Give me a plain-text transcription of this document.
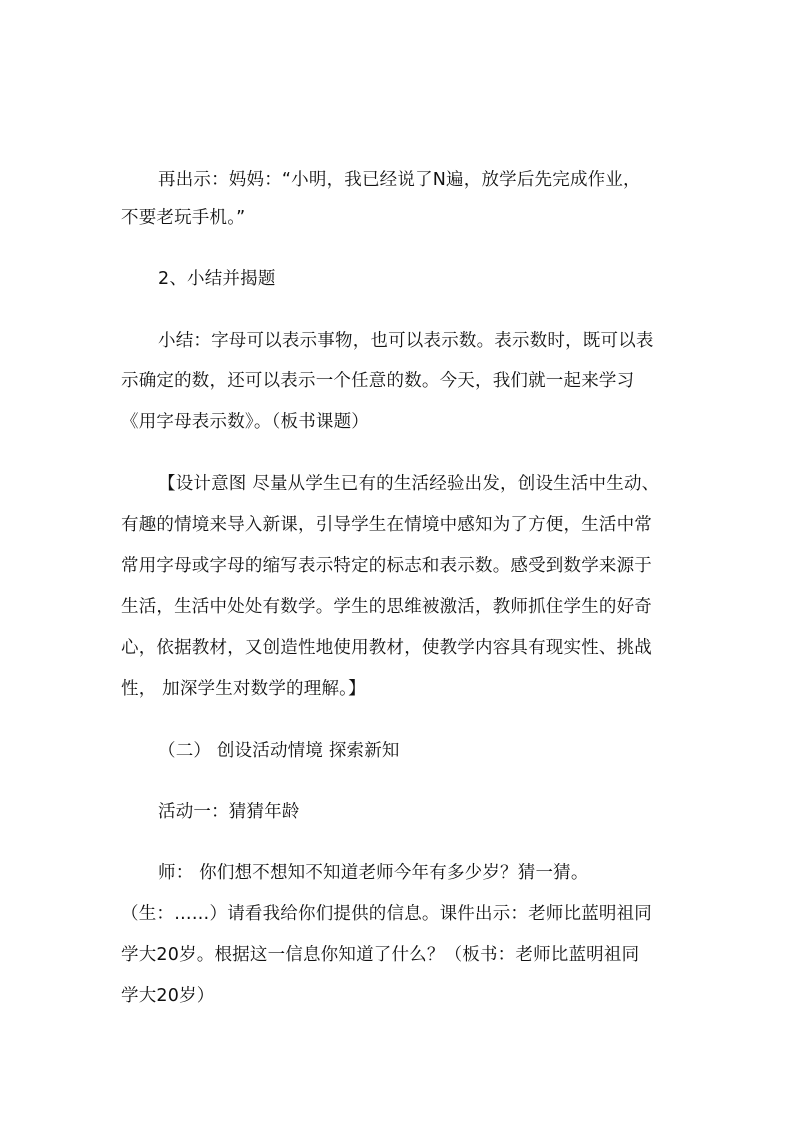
再出示：妈妈：“小明，我已经说了N遍，放学后先完成作业，
不要老玩手机。”
2、小结并揭题
小结：字母可以表示事物，也可以表示数。表示数时，既可以表
示确定的数，还可以表示一个任意的数。今天，我们就一起来学习
《用字母表示数》。（板书课题）
【设计意图 尽量从学生已有的生活经验出发，创设生活中生动、
有趣的情境来导入新课，引导学生在情境中感知为了方便，生活中常
常用字母或字母的缩写表示特定的标志和表示数。感受到数学来源于
生活，生活中处处有数学。学生的思维被激活，教师抓住学生的好奇
心，依据教材，又创造性地使用教材，使教学内容具有现实性、挑战
性， 加深学生对数学的理解。】
（二） 创设活动情境 探索新知
活动一：猜猜年龄
师： 你们想不想知不知道老师今年有多少岁？猜一猜。
（生：……）请看我给你们提供的信息。课件出示：老师比蓝明祖同
学大20岁。根据这一信息你知道了什么？（板书：老师比蓝明祖同
学大20岁）
